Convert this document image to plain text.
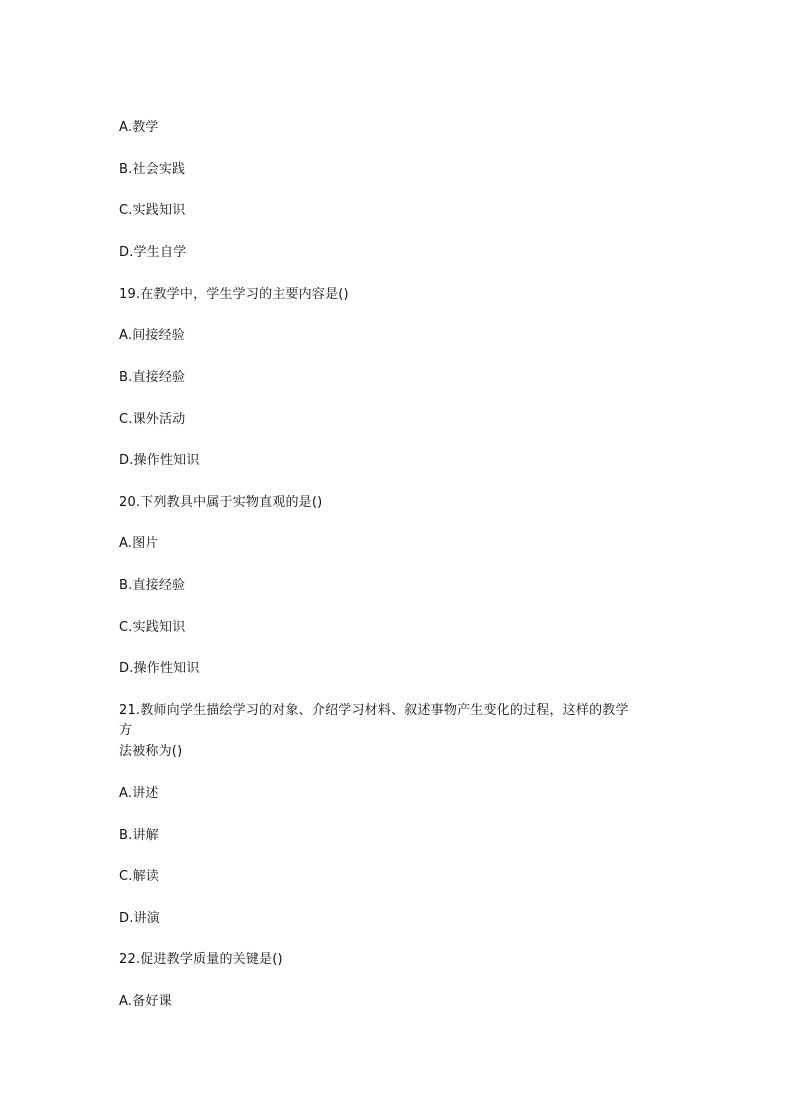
A.教学
B.社会实践
C.实践知识
D.学生自学
19.在教学中，学生学习的主要内容是()
A.间接经验
B.直接经验
C.课外活动
D.操作性知识
20.下列教具中属于实物直观的是()
A.图片
B.直接经验
C.实践知识
D.操作性知识
21.教师向学生描绘学习的对象、介绍学习材料、叙述事物产生变化的过程，这样的教学
方
法被称为()
A.讲述
B.讲解
C.解读
D.讲演
22.促进教学质量的关键是()
A.备好课
